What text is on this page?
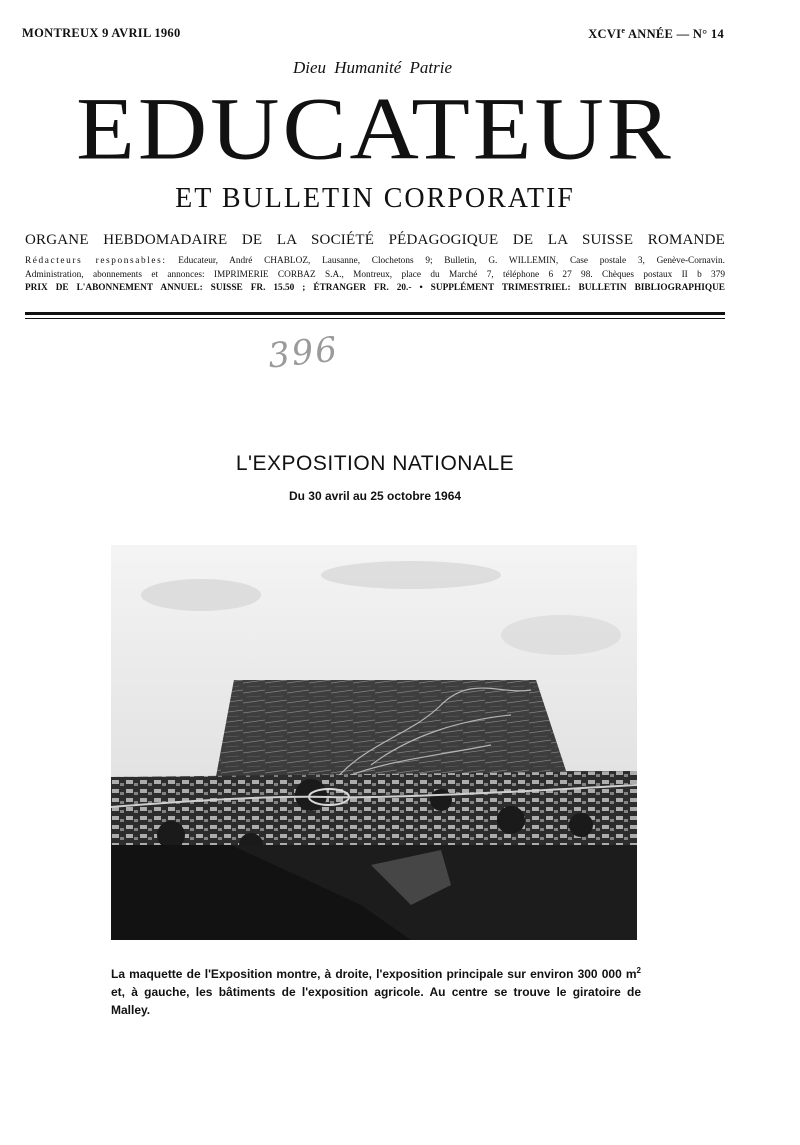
MONTREUX 9 AVRIL 1960	XCVIe ANNÉE — N° 14
Dieu Humanité Patrie
EDUCATEUR
ET BULLETIN CORPORATIF
ORGANE HEBDOMADAIRE DE LA SOCIÉTÉ PÉDAGOGIQUE DE LA SUISSE ROMANDE
Rédacteurs responsables: Educateur, André CHABLOZ, Lausanne, Clochetons 9; Bulletin, G. WILLEMIN, Case postale 3, Genève-Cornavin.
Administration, abonnements et annonces: IMPRIMERIE CORBAZ S.A., Montreux, place du Marché 7, téléphone 6 27 98. Chèques postaux II b 379
PRIX DE L'ABONNEMENT ANNUEL: SUISSE FR. 15.50 ; ÉTRANGER FR. 20.- • SUPPLÉMENT TRIMESTRIEL: BULLETIN BIBLIOGRAPHIQUE
396
L'EXPOSITION NATIONALE
Du 30 avril au 25 octobre 1964
La maquette de l'Exposition montre, à droite, l'exposition principale sur environ 300 000 $m^2$
et, à gauche, les bâtiments de l'exposition agricole. Au centre se trouve le giratoire de Malley.
